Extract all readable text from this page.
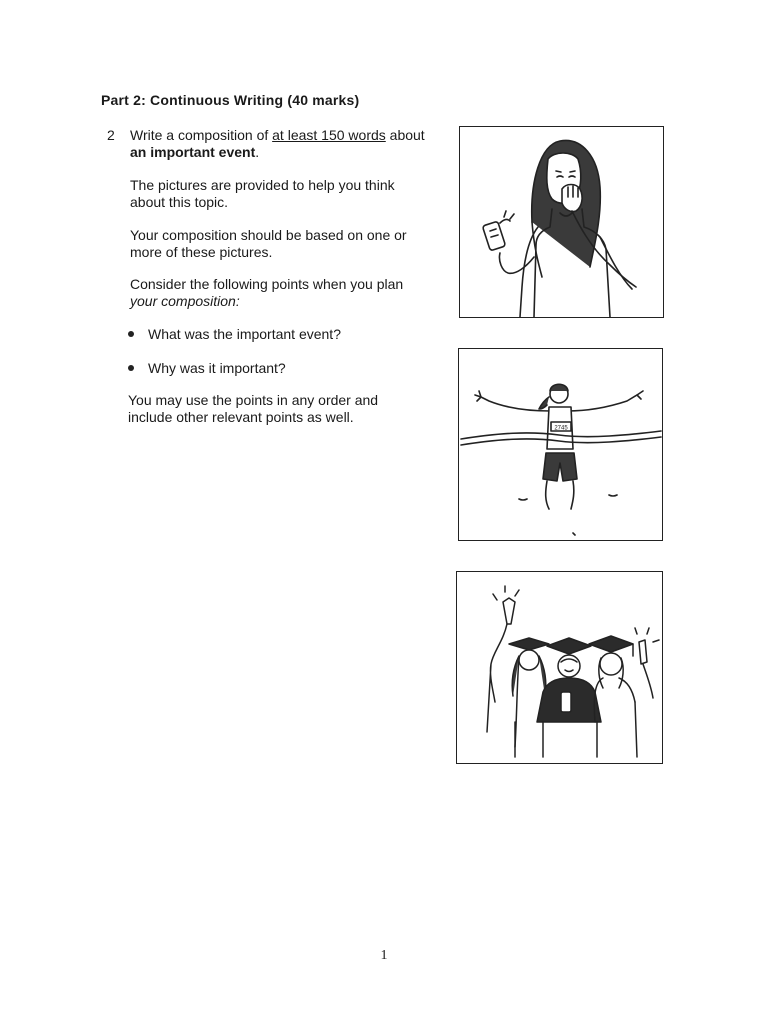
Part 2: Continuous Writing (40 marks)
2 Write a composition of at least 150 words about
an important event.
The pictures are provided to help you think
about this topic.
Your composition should be based on one or
more of these pictures.
Consider the following points when you plan
your composition:
What was the important event?
Why was it important?
You may use the points in any order and
include other relevant points as well.
2745
1
